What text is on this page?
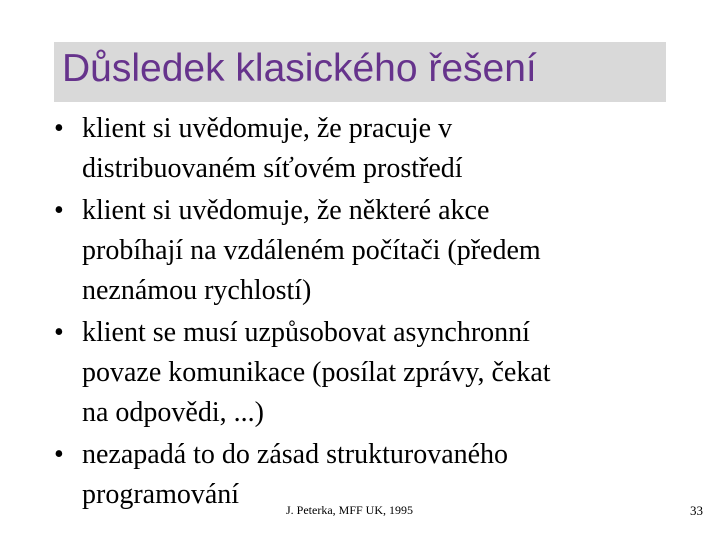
Důsledek klasického řešení
• klient si uvědomuje, že pracuje v
distribuovaném síťovém prostředí
• klient si uvědomuje, že některé akce
probíhají na vzdáleném počítači (předem
neznámou rychlostí)
• klient se musí uzpůsobovat asynchronní
povaze komunikace (posílat zprávy, čekat
na odpovědi, ...)
• nezapadá to do zásad strukturovaného
programování	J. Peterka, MFF UK, 1995	33
